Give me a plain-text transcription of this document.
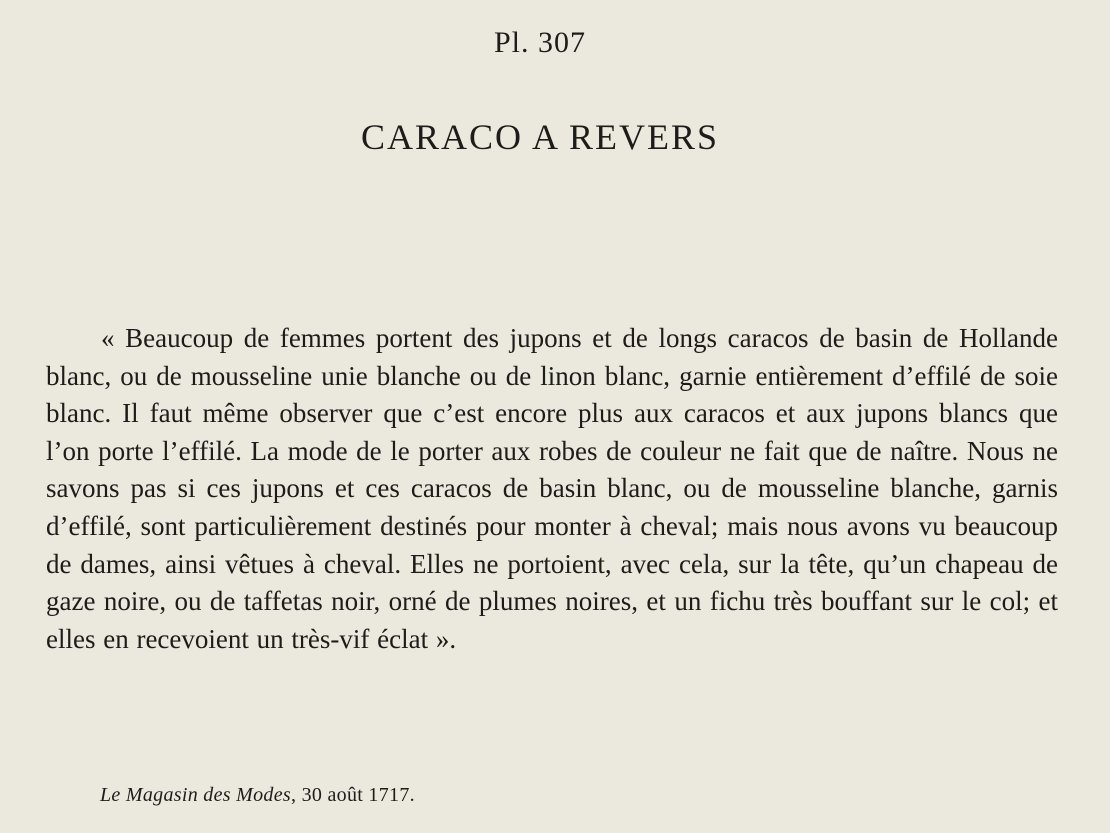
Pl. 307
CARACO A REVERS

« Beaucoup de femmes portent des jupons et de longs caracos de basin de Hollande blanc, ou de mousseline unie blanche ou de linon blanc, garnie entièrement d’effilé de soie blanc. Il faut même observer que c’est encore plus aux caracos et aux jupons blancs que l’on porte l’effilé. La mode de le porter aux robes de couleur ne fait que de naître. Nous ne savons pas si ces jupons et ces caracos de basin blanc, ou de mousseline blanche, garnis d’effilé, sont particulièrement destinés pour monter à cheval; mais nous avons vu beaucoup de dames, ainsi vêtues à cheval. Elles ne portoient, avec cela, sur la tête, qu’un chapeau de gaze noire, ou de taffetas noir, orné de plumes noires, et un fichu très bouffant sur le col; et elles en recevoient un très-vif éclat ».

Le Magasin des Modes, 30 août 1717.
